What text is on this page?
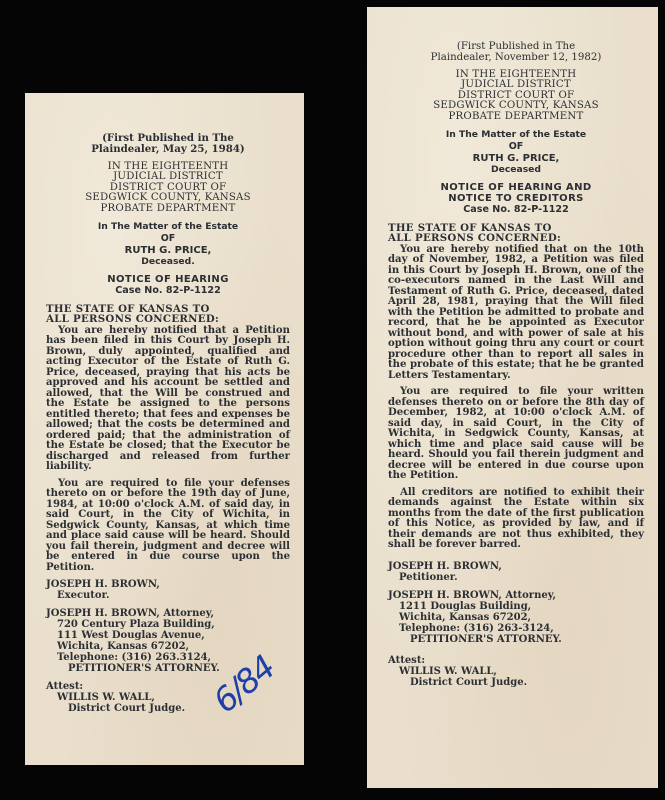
(First Published in The
Plaindealer, May 25, 1984)
IN THE EIGHTEENTH
JUDICIAL DISTRICT
DISTRICT COURT OF
SEDGWICK COUNTY, KANSAS
PROBATE DEPARTMENT
In The Matter of the Estate
OF
RUTH G. PRICE,
Deceased.
NOTICE OF HEARING
Case No. 82-P-1122
THE STATE OF KANSAS TO
ALL PERSONS CONCERNED:

You are hereby notified that a Petition has been filed in this Court by Joseph H. Brown, duly appointed, qualified and acting Executor of the Estate of Ruth G. Price, deceased, praying that his acts be approved and his account be settled and allowed, that the Will be construed and the Estate be assigned to the persons entitled thereto; that fees and expenses be allowed; that the costs be determined and ordered paid; that the administration of the Estate be closed; that the Executor be discharged and released from further liability.

You are required to file your defenses thereto on or before the 19th day of June, 1984, at 10:00 o'clock A.M. of said day, in said Court, in the City of Wichita, in Sedgwick County, Kansas, at which time and place said cause will be heard. Should you fail therein, judgment and decree will be entered in due course upon the Petition.

JOSEPH H. BROWN,
Executor.
JOSEPH H. BROWN, Attorney,
720 Century Plaza Building,
111 West Douglas Avenue,
Wichita, Kansas 67202,
Telephone: (316) 263.3124,
PETITIONER'S ATTORNEY.
Attest:
WILLIS W. WALL,
District Court Judge. 6/84
(First Published in The
Plaindealer, November 12, 1982)
IN THE EIGHTEENTH
JUDICIAL DISTRICT
DISTRICT COURT OF
SEDGWICK COUNTY, KANSAS
PROBATE DEPARTMENT
In The Matter of the Estate
OF
RUTH G. PRICE,
Deceased
NOTICE OF HEARING AND
NOTICE TO CREDITORS
Case No. 82-P-1122
THE STATE OF KANSAS TO
ALL PERSONS CONCERNED:

You are hereby notified that on the 10th day of November, 1982, a Petition was filed in this Court by Joseph H. Brown, one of the co-executors named in the Last Will and Testament of Ruth G. Price, deceased, dated April 28, 1981, praying that the Will filed with the Petition be admitted to probate and record, that he be appointed as Executor without bond, and with power of sale at his option without going thru any court or court procedure other than to report all sales in the probate of this estate; that he be granted Letters Testamentary.

You are required to file your written defenses thereto on or before the 8th day of December, 1982, at 10:00 o'clock A.M. of said day, in said Court, in the City of Wichita, in Sedgwick County, Kansas, at which time and place said cause will be heard. Should you fail therein judgment and decree will be entered in due course upon the Petition.

All creditors are notified to exhibit their demands against the Estate within six months from the date of the first publication of this Notice, as provided by law, and if their demands are not thus exhibited, they shall be forever barred.

JOSEPH H. BROWN,
Petitioner.
JOSEPH H. BROWN, Attorney,
1211 Douglas Building,
Wichita, Kansas 67202,
Telephone: (316) 263-3124,
PETITIONER'S ATTORNEY.
Attest:
WILLIS W. WALL,
District Court Judge.
